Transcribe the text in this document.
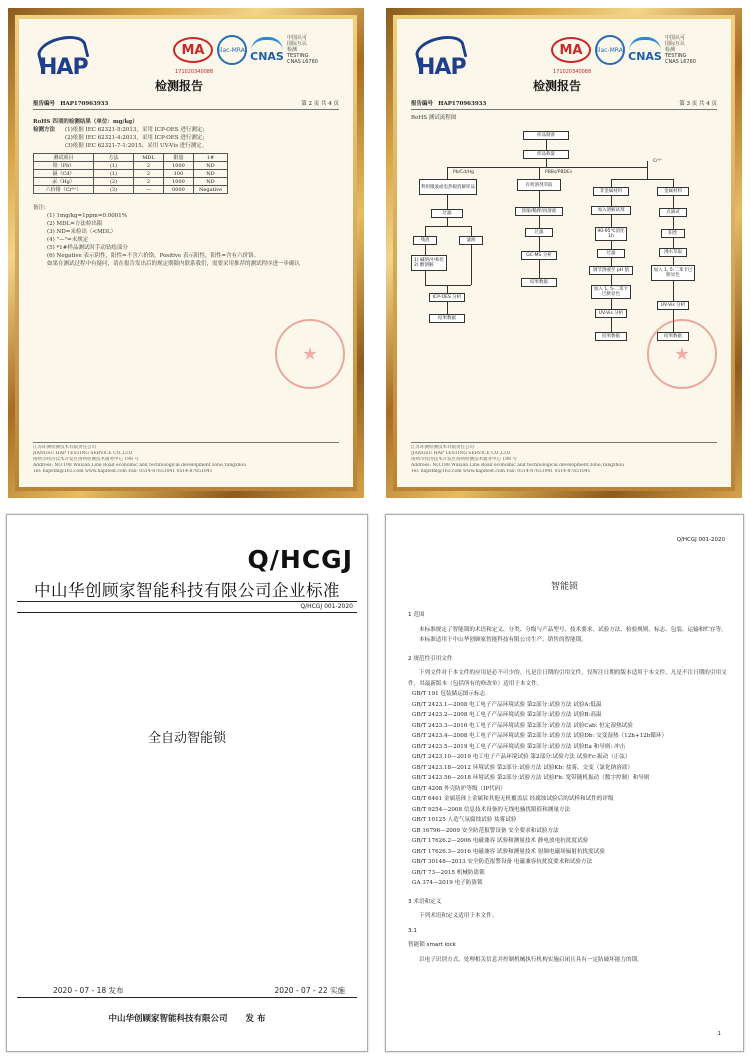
HAP
MA	ilac-MRA CNAS
中国认可
国际互认
检测
TESTING
CNAS L6760
171020340088
检测报告
报告编号 HAP170963933	第 2 页 共 4 页
RoHS 四项的检测结果（单位：mg/kg）
检测方法	(1)依据 IEC 62321-5:2013，采用 ICP-OES 进行测定;
(2)依据 IEC 62321-4:2013，采用 ICP-OES 进行测定;
(3)依据 IEC 62321-7-1:2015，采用 UV-Vis 进行测定。
测试项目	方法	MDL	限量	1#
铅（Pb）	(1)	2	1000	ND
镉（Cd）	(1)	2	100	ND
汞（Hg）	(2)	2	1000	ND
六价铬（Cr⁶⁺）	(3)	—	0000	Negative
备注:
(1) 1mg/kg=1ppm=0.0001%
(2) MDL=方法检出限
(3) ND=未检出（<MDL）
(4) "—"=未规定
(5) *1#样品测试时手动钻绘部分
(6) Negative 表示阴性，阳性=不含六价铬，Positive 表示阳性，阳性=含有六价铬。
如果在测试过程中有疑问，请在报告发出后的规定期限内联系我们，需要采用推荐的测试程序进一步确认
江苏环测检测技术有限责任公司
JIANGSU HAP TESTING SERVICE CO.,LTD
扬州市经济技术开发区扬州检测技术服务中心 198 号
Address: NO.198 Wuxian Line Road economic and technological development zone,Yangzhou
Tel: hapstm@163.com www.hapitest.com Fax: 0514-87651041 0514-87651041
HAP
MA	ilac-MRA CNAS
中国认可
国际互认
检测
TESTING
CNAS L6760
171020340088
检测报告
报告编号 HAP170963933	第 3 页 共 4 页
RoHS 测试流程图
样品制备
样品称量
Pb/Cd/Hg	PBBs/PBDEs
Cr⁶⁺
利用微波或电热板消解样品
过滤
残渣	滤液
1) 碱熔/中和化
2) 酸溶解
ICP-OES 分析
结果数据
有机溶剂萃取
浓缩/稀释/再溶液
过滤
GC-MS 分析
结果数据
非金属材料
加入溶解试剂
90-95℃消化 1h
过滤
调节溶液至 pH 值
加入 1, 5-二苯卡巴肼显色
UV-Vis 分析
结果数据
金属材料
点滴试
阳性
沸水萃取
加入 1, 5-二苯卡巴肼显色
UV-Vis 分析
结果数据
江苏环测检测技术有限责任公司
JIANGSU HAP TESTING SERVICE CO.,LTD
扬州市经济技术开发区扬州检测技术服务中心 198 号
Address: NO.198 Wuxian Line Road economic and technological development zone,Yangzhou
Tel: hapstm@163.com www.hapitest.com Fax: 0514-87651041 0514-87651041
Q/HCGJ
中山华创顾家智能科技有限公司企业标准
Q/HCGJ 001-2020
全自动智能锁
2020 - 07 - 18 发布	2020 - 07 - 22 实施
中山华创顾家智能科技有限公司 发 布
Q/HCGJ 001-2020
智能锁
1 范围
本标准规定了智能锁的术语和定义、分类、分级与产品型号、技术要求、试验方法、检验规则、标志、包装、运输和贮存等。
本标准适用于中山华创顾家智能科技有限公司生产、销售的智能锁。
2 规范性引用文件
下列文件对于本文件的应用是必不可少的。凡是注日期的引用文件，仅所注日期的版本适用于本文件。凡是不注日期的引用文件，其最新版本（包括所有的修改单）适用于本文件。
GB/T 191 包装储运图示标志
GB/T 2423.1—2008 电工电子产品环境试验 第2部分:试验方法 试验A:低温
GB/T 2423.2—2008 电工电子产品环境试验 第2部分:试验方法 试验B:高温
GB/T 2423.3—2016 电工电子产品环境试验 第2部分:试验方法 试验Cab: 恒定湿热试验
GB/T 2423.4—2008 电工电子产品环境试验 第2部分:试验方法 试验Db: 交变湿热（12h+12h循环）
GB/T 2423.5—2019 电工电子产品环境试验 第2部分:试验方法 试验Ea 和导则: 冲击
GB/T 2423.10—2019 电工电子产品环境试验 第2部分:试验方法 试验Fc:振动（正弦）
GB/T 2423.18—2012 环境试验 第2部分:试验方法 试验Kb: 盐雾，交变（氯化钠溶液）
GB/T 2423.56—2018 环境试验 第2部分:试验方法 试验Fh: 宽带随机振动（数字控制）和导则
GB/T 4208 外壳防护等级（IP代码）
GB/T 6461 金属基体上金属和其他无机覆盖层 经腐蚀试验后的试样和试件的评级
GB/T 9254—2008 信息技术设备的无线电骚扰限值和测量方法
GB/T 10125 人造气氛腐蚀试验 盐雾试验
GB 16796—2009 安全防范报警设备 安全要求和试验方法
GB/T 17626.2—2006 电磁兼容 试验和测量技术 静电放电抗扰度试验
GB/T 17626.3—2016 电磁兼容 试验和测量技术 射频电磁场辐射抗扰度试验
GB/T 30148—2013 安全防范报警设备 电磁兼容抗扰度要求和试验方法
GB/T 73—2015 机械防盗锁
GA 374—2019 电子防盗锁
3 术语和定义
下列术语和定义适用于本文件。
3.1
智能锁 smart lock
以电子识别方式、处理相关信息并控制机械执行机构实施启闭且具有一定防破坏能力的锁。
1
